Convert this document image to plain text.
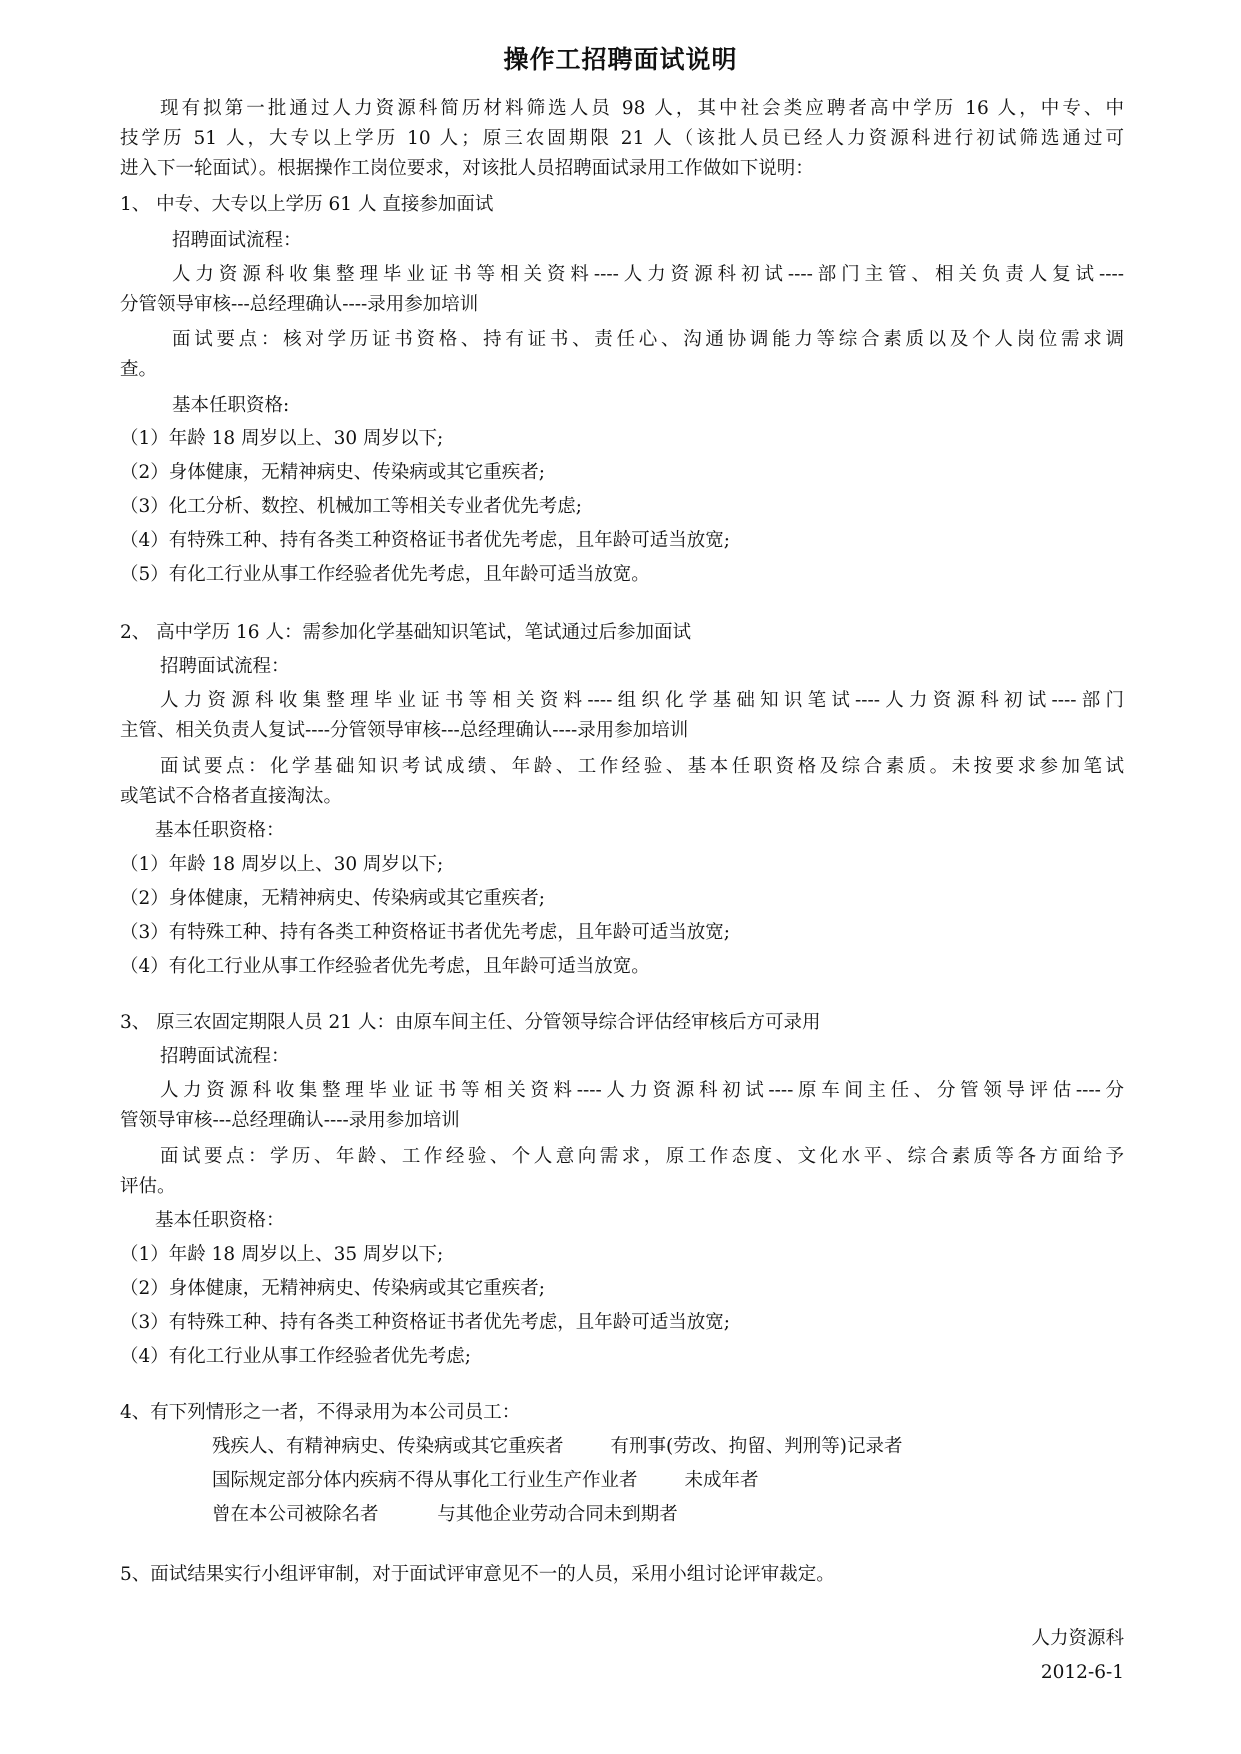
操作工招聘面试说明
现有拟第一批通过人力资源科简历材料筛选人员 98 人，其中社会类应聘者高中学历 16 人，中专、中
技学历 51 人，大专以上学历 10 人；原三农固期限 21 人（该批人员已经人力资源科进行初试筛选通过可
进入下一轮面试）。根据操作工岗位要求，对该批人员招聘面试录用工作做如下说明：
1、 中专、大专以上学历 61 人 直接参加面试
招聘面试流程：
人力资源科收集整理毕业证书等相关资料----人力资源科初试----部门主管、相关负责人复试----
分管领导审核---总经理确认----录用参加培训
面试要点：核对学历证书资格、持有证书、责任心、沟通协调能力等综合素质以及个人岗位需求调
查。
基本任职资格:
（1）年龄 18 周岁以上、30 周岁以下;
（2）身体健康，无精神病史、传染病或其它重疾者;
（3）化工分析、数控、机械加工等相关专业者优先考虑;
（4）有特殊工种、持有各类工种资格证书者优先考虑，且年龄可适当放宽;
（5）有化工行业从事工作经验者优先考虑，且年龄可适当放宽。
2、 高中学历 16 人：需参加化学基础知识笔试，笔试通过后参加面试
招聘面试流程：
人力资源科收集整理毕业证书等相关资料----组织化学基础知识笔试----人力资源科初试----部门
主管、相关负责人复试----分管领导审核---总经理确认----录用参加培训
面试要点：化学基础知识考试成绩、年龄、工作经验、基本任职资格及综合素质。未按要求参加笔试
或笔试不合格者直接淘汰。
基本任职资格：
（1）年龄 18 周岁以上、30 周岁以下;
（2）身体健康，无精神病史、传染病或其它重疾者;
（3）有特殊工种、持有各类工种资格证书者优先考虑，且年龄可适当放宽;
（4）有化工行业从事工作经验者优先考虑，且年龄可适当放宽。
3、 原三农固定期限人员 21 人：由原车间主任、分管领导综合评估经审核后方可录用
招聘面试流程：
人力资源科收集整理毕业证书等相关资料----人力资源科初试----原车间主任、分管领导评估----分
管领导审核---总经理确认----录用参加培训
面试要点：学历、年龄、工作经验、个人意向需求，原工作态度、文化水平、综合素质等各方面给予
评估。
基本任职资格：
（1）年龄 18 周岁以上、35 周岁以下;
（2）身体健康，无精神病史、传染病或其它重疾者;
（3）有特殊工种、持有各类工种资格证书者优先考虑，且年龄可适当放宽;
（4）有化工行业从事工作经验者优先考虑;
4、有下列情形之一者，不得录用为本公司员工：
残疾人、有精神病史、传染病或其它重疾者        有刑事(劳改、拘留、判刑等)记录者
国际规定部分体内疾病不得从事化工行业生产作业者        未成年者
曾在本公司被除名者          与其他企业劳动合同未到期者
5、面试结果实行小组评审制，对于面试评审意见不一的人员，采用小组讨论评审裁定。
人力资源科
2012-6-1
